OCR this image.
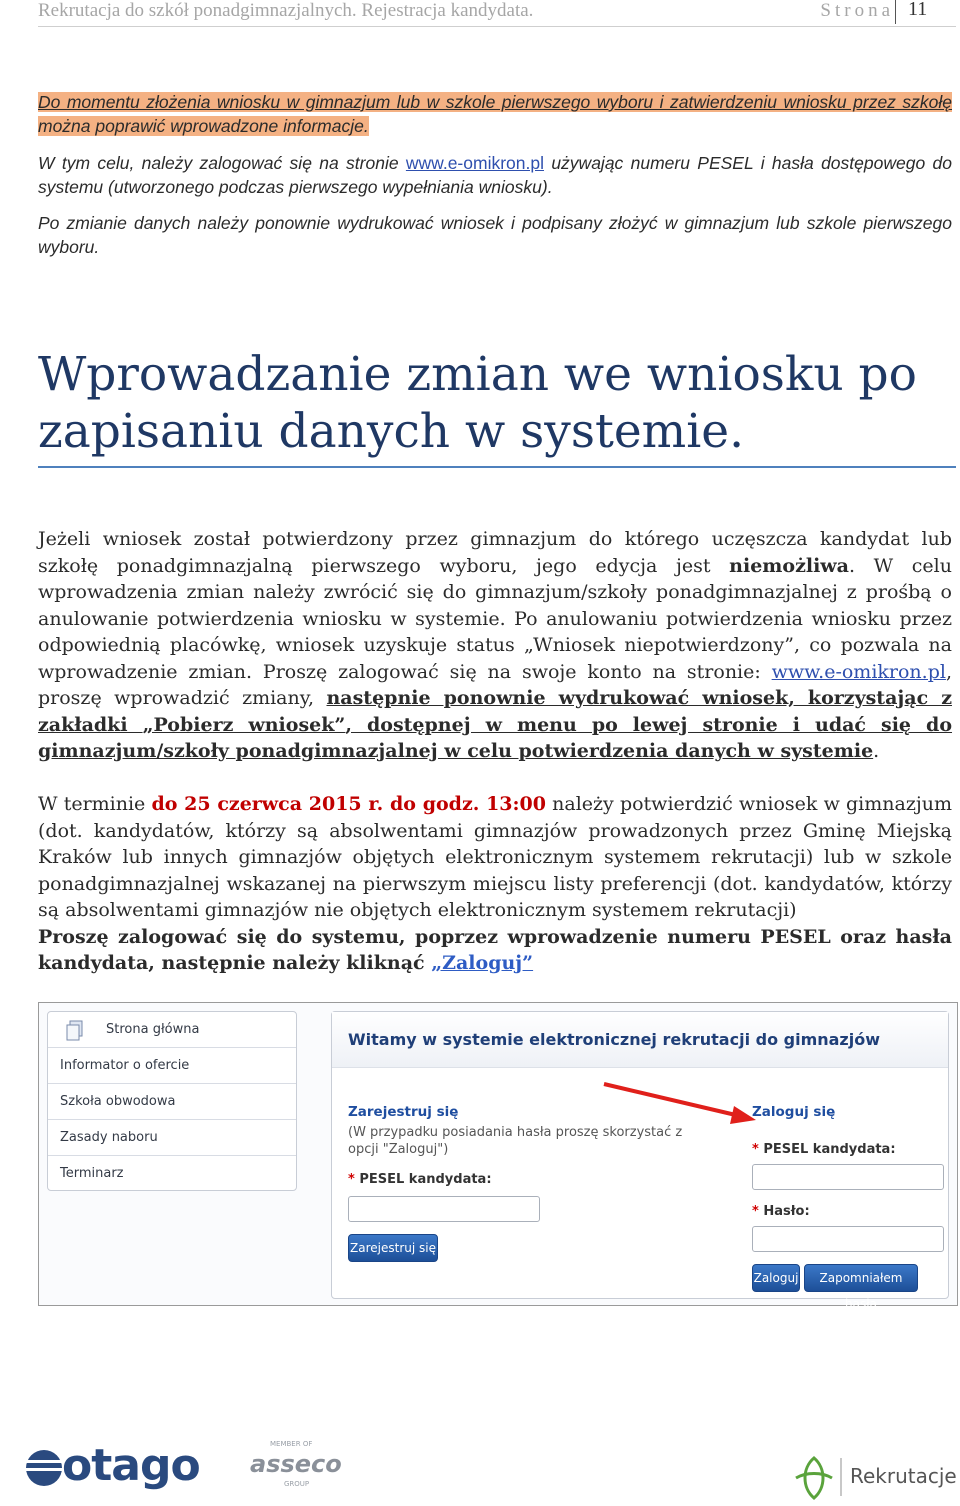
Rekrutacja do szkół ponadgimnazjalnych. Rejestracja kandydata.	Strona 11
Do momentu złożenia wniosku w gimnazjum lub w szkole pierwszego wyboru i zatwierdzeniu wniosku przez szkołę można poprawić wprowadzone informacje.
W tym celu, należy zalogować się na stronie www.e-omikron.pl używając numeru PESEL i hasła dostępowego do systemu (utworzonego podczas pierwszego wypełniania wniosku).
Po zmianie danych należy ponownie wydrukować wniosek i podpisany złożyć w gimnazjum lub szkole pierwszego wyboru.
Wprowadzanie zmian we wniosku po zapisaniu danych w systemie.
Jeżeli wniosek został potwierdzony przez gimnazjum do którego uczęszcza kandydat lub szkołę ponadgimnazjalną pierwszego wyboru, jego edycja jest niemożliwa. W celu wprowadzenia zmian należy zwrócić się do gimnazjum/szkoły ponadgimnazjalnej z prośbą o anulowanie potwierdzenia wniosku w systemie. Po anulowaniu potwierdzenia wniosku przez odpowiednią placówkę, wniosek uzyskuje status „Wniosek niepotwierdzony”, co pozwala na wprowadzenie zmian. Proszę zalogować się na swoje konto na stronie: www.e-omikron.pl, proszę wprowadzić zmiany, następnie ponownie wydrukować wniosek, korzystając z zakładki „Pobierz wniosek”, dostępnej w menu po lewej stronie i udać się do gimnazjum/szkoły ponadgimnazjalnej w celu potwierdzenia danych w systemie.
W terminie do 25 czerwca 2015 r. do godz. 13:00 należy potwierdzić wniosek w gimnazjum (dot. kandydatów, którzy są absolwentami gimnazjów prowadzonych przez Gminę Miejską Kraków lub innych gimnazjów objętych elektronicznym systemem rekrutacji) lub w szkole ponadgimnazjalnej wskazanej na pierwszym miejscu listy preferencji (dot. kandydatów, którzy są absolwentami gimnazjów nie objętych elektronicznym systemem rekrutacji)
Proszę zalogować się do systemu, poprzez wprowadzenie numeru PESEL oraz hasła kandydata, następnie należy kliknąć „Zaloguj”
Strona główna
Informator o ofercie
Szkoła obwodowa
Zasady naboru
Terminarz
Witamy w systemie elektronicznej rekrutacji do gimnazjów
Zarejestruj się
(W przypadku posiadania hasła proszę skorzystać z opcji "Zaloguj")
* PESEL kandydata:
Zarejestruj się
Zaloguj się
* PESEL kandydata:
* Hasło:
Zaloguj	Zapomniałem hasła
otago	MEMBER OF
asseco
GROUP	Rekrutacje
